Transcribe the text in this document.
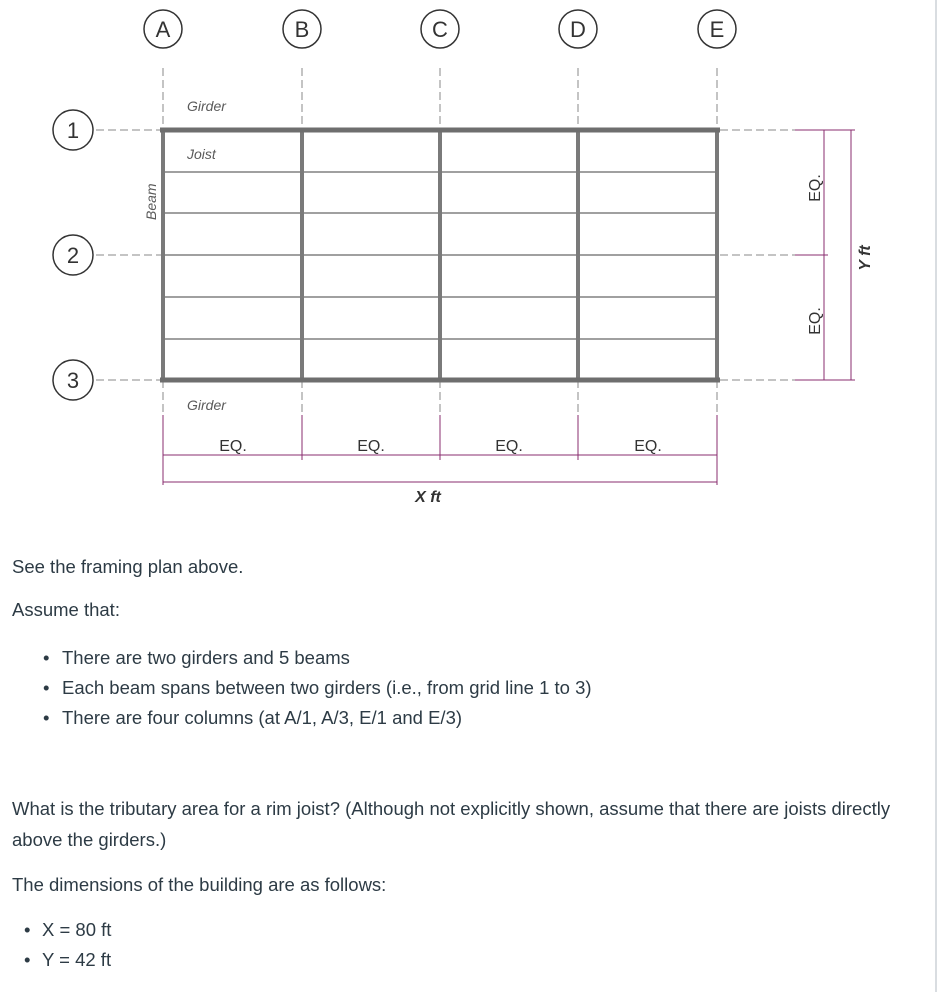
A	B	C	D	E
1
2
3
Girder
Joist
Girder
Beam
EQ.	EQ.	EQ.	EQ.
X ft
EQ.
EQ.
Y ft

See the framing plan above.

Assume that:

• There are two girders and 5 beams
• Each beam spans between two girders (i.e., from grid line 1 to 3)
• There are four columns (at A/1, A/3, E/1 and E/3)

What is the tributary area for a rim joist? (Although not explicitly shown, assume that there are joists directly above the girders.)

The dimensions of the building are as follows:

• X = 80 ft
• Y = 42 ft
